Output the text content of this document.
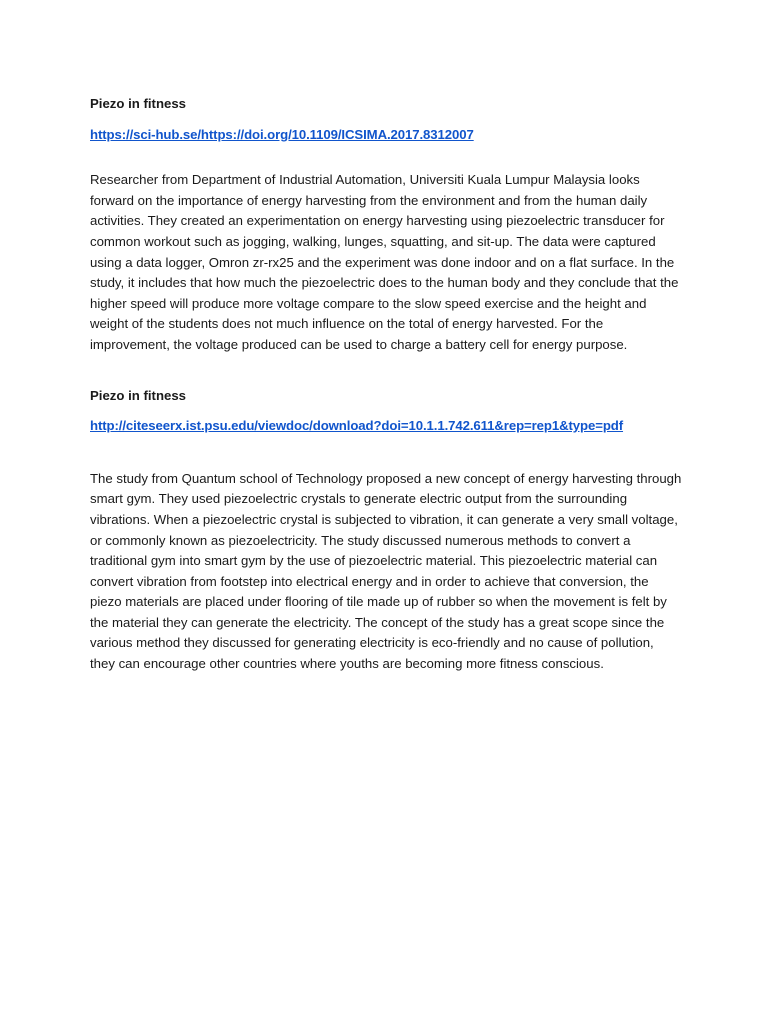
Piezo in fitness

https://sci-hub.se/https://doi.org/10.1109/ICSIMA.2017.8312007

Researcher from Department of Industrial Automation, Universiti Kuala Lumpur Malaysia looks forward on the importance of energy harvesting from the environment and from the human daily activities. They created an experimentation on energy harvesting using piezoelectric transducer for common workout such as jogging, walking, lunges, squatting, and sit-up. The data were captured using a data logger, Omron zr-rx25 and the experiment was done indoor and on a flat surface. In the study, it includes that how much the piezoelectric does to the human body and they conclude that the higher speed will produce more voltage compare to the slow speed exercise and the height and weight of the students does not much influence on the total of energy harvested. For the improvement, the voltage produced can be used to charge a battery cell for energy purpose.

Piezo in fitness

http://citeseerx.ist.psu.edu/viewdoc/download?doi=10.1.1.742.611&rep=rep1&type=pdf

The study from Quantum school of Technology proposed a new concept of energy harvesting through smart gym. They used piezoelectric crystals to generate electric output from the surrounding vibrations. When a piezoelectric crystal is subjected to vibration, it can generate a very small voltage, or commonly known as piezoelectricity. The study discussed numerous methods to convert a traditional gym into smart gym by the use of piezoelectric material. This piezoelectric material can convert vibration from footstep into electrical energy and in order to achieve that conversion, the piezo materials are placed under flooring of tile made up of rubber so when the movement is felt by the material they can generate the electricity. The concept of the study has a great scope since the various method they discussed for generating electricity is eco-friendly and no cause of pollution, they can encourage other countries where youths are becoming more fitness conscious.
